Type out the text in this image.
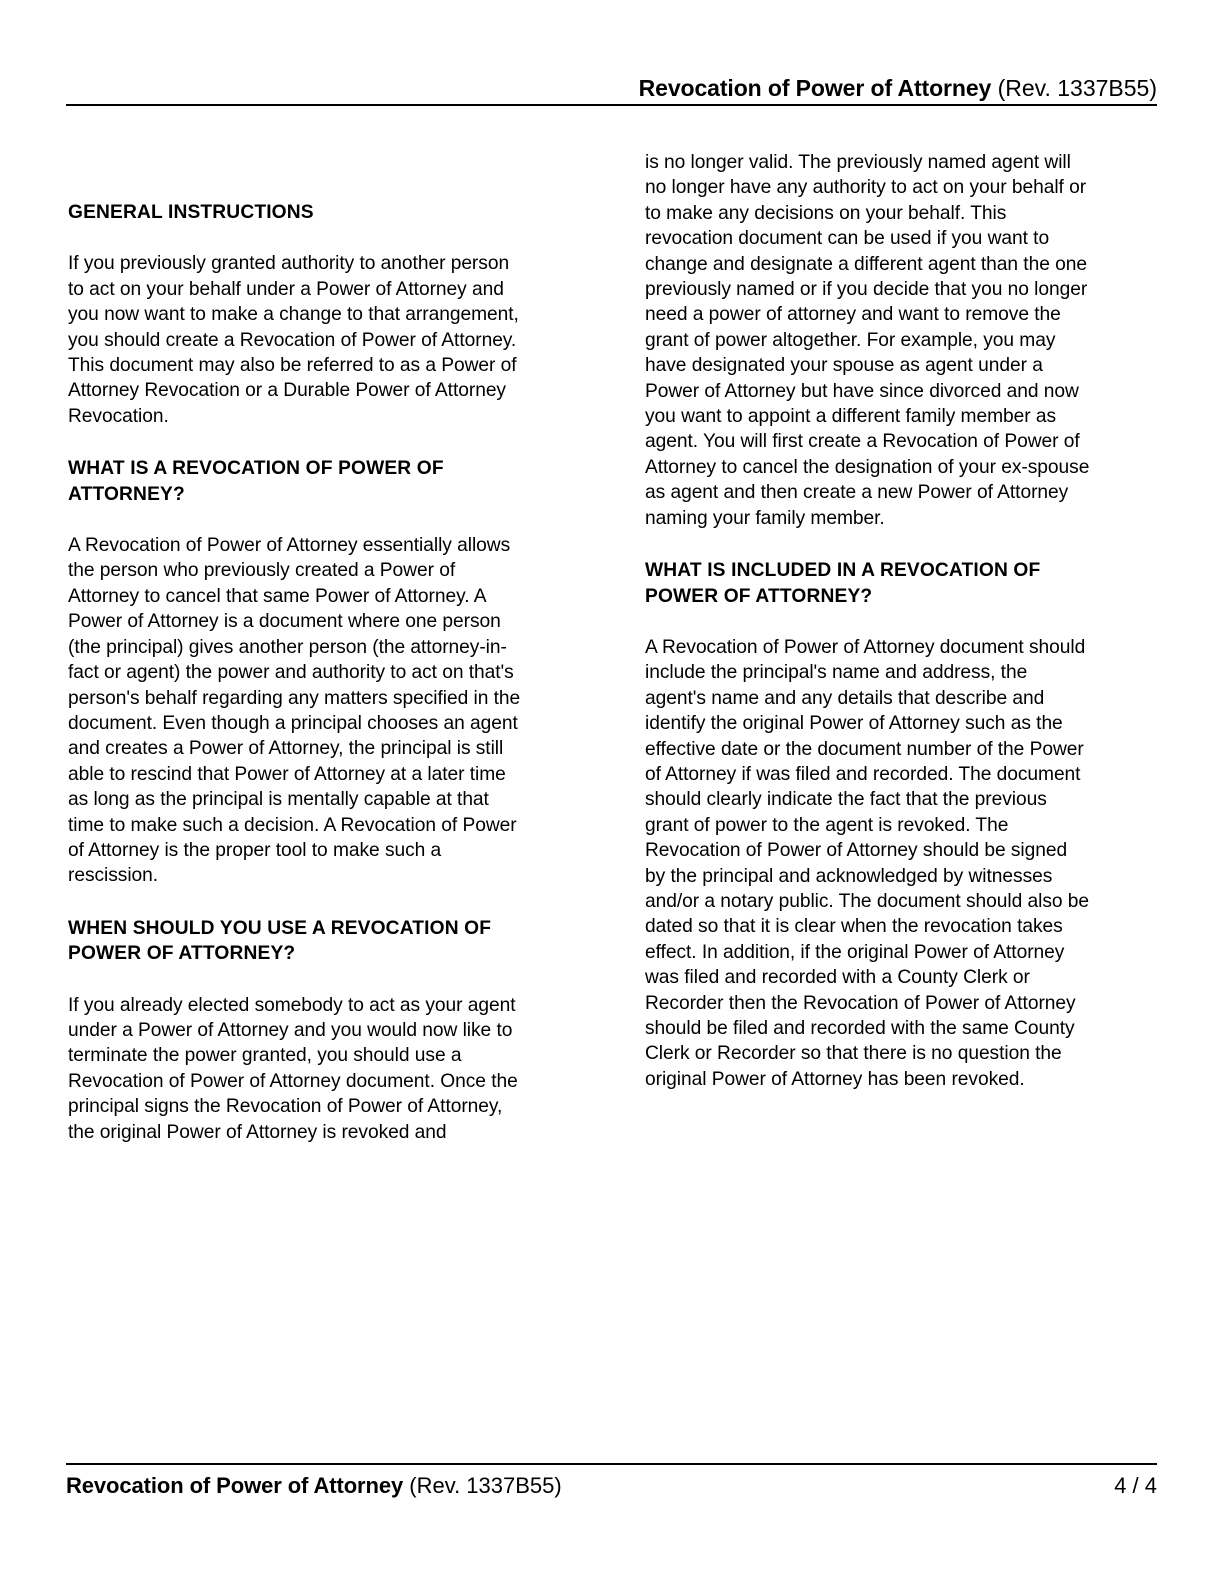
Revocation of Power of Attorney (Rev. 1337B55)
GENERAL INSTRUCTIONS

If you previously granted authority to another person to act on your behalf under a Power of Attorney and you now want to make a change to that arrangement, you should create a Revocation of Power of Attorney. This document may also be referred to as a Power of Attorney Revocation or a Durable Power of Attorney Revocation.

WHAT IS A REVOCATION OF POWER OF ATTORNEY?

A Revocation of Power of Attorney essentially allows the person who previously created a Power of Attorney to cancel that same Power of Attorney. A Power of Attorney is a document where one person (the principal) gives another person (the attorney-in-fact or agent) the power and authority to act on that's person's behalf regarding any matters specified in the document. Even though a principal chooses an agent and creates a Power of Attorney, the principal is still able to rescind that Power of Attorney at a later time as long as the principal is mentally capable at that time to make such a decision. A Revocation of Power of Attorney is the proper tool to make such a rescission.

WHEN SHOULD YOU USE A REVOCATION OF POWER OF ATTORNEY?

If you already elected somebody to act as your agent under a Power of Attorney and you would now like to terminate the power granted, you should use a Revocation of Power of Attorney document. Once the principal signs the Revocation of Power of Attorney, the original Power of Attorney is revoked and

is no longer valid. The previously named agent will no longer have any authority to act on your behalf or to make any decisions on your behalf. This revocation document can be used if you want to change and designate a different agent than the one previously named or if you decide that you no longer need a power of attorney and want to remove the grant of power altogether. For example, you may have designated your spouse as agent under a Power of Attorney but have since divorced and now you want to appoint a different family member as agent. You will first create a Revocation of Power of Attorney to cancel the designation of your ex-spouse as agent and then create a new Power of Attorney naming your family member.

WHAT IS INCLUDED IN A REVOCATION OF POWER OF ATTORNEY?

A Revocation of Power of Attorney document should include the principal's name and address, the agent's name and any details that describe and identify the original Power of Attorney such as the effective date or the document number of the Power of Attorney if was filed and recorded. The document should clearly indicate the fact that the previous grant of power to the agent is revoked. The Revocation of Power of Attorney should be signed by the principal and acknowledged by witnesses and/or a notary public. The document should also be dated so that it is clear when the revocation takes effect. In addition, if the original Power of Attorney was filed and recorded with a County Clerk or Recorder then the Revocation of Power of Attorney should be filed and recorded with the same County Clerk or Recorder so that there is no question the original Power of Attorney has been revoked.

Revocation of Power of Attorney (Rev. 1337B55)	4 / 4
